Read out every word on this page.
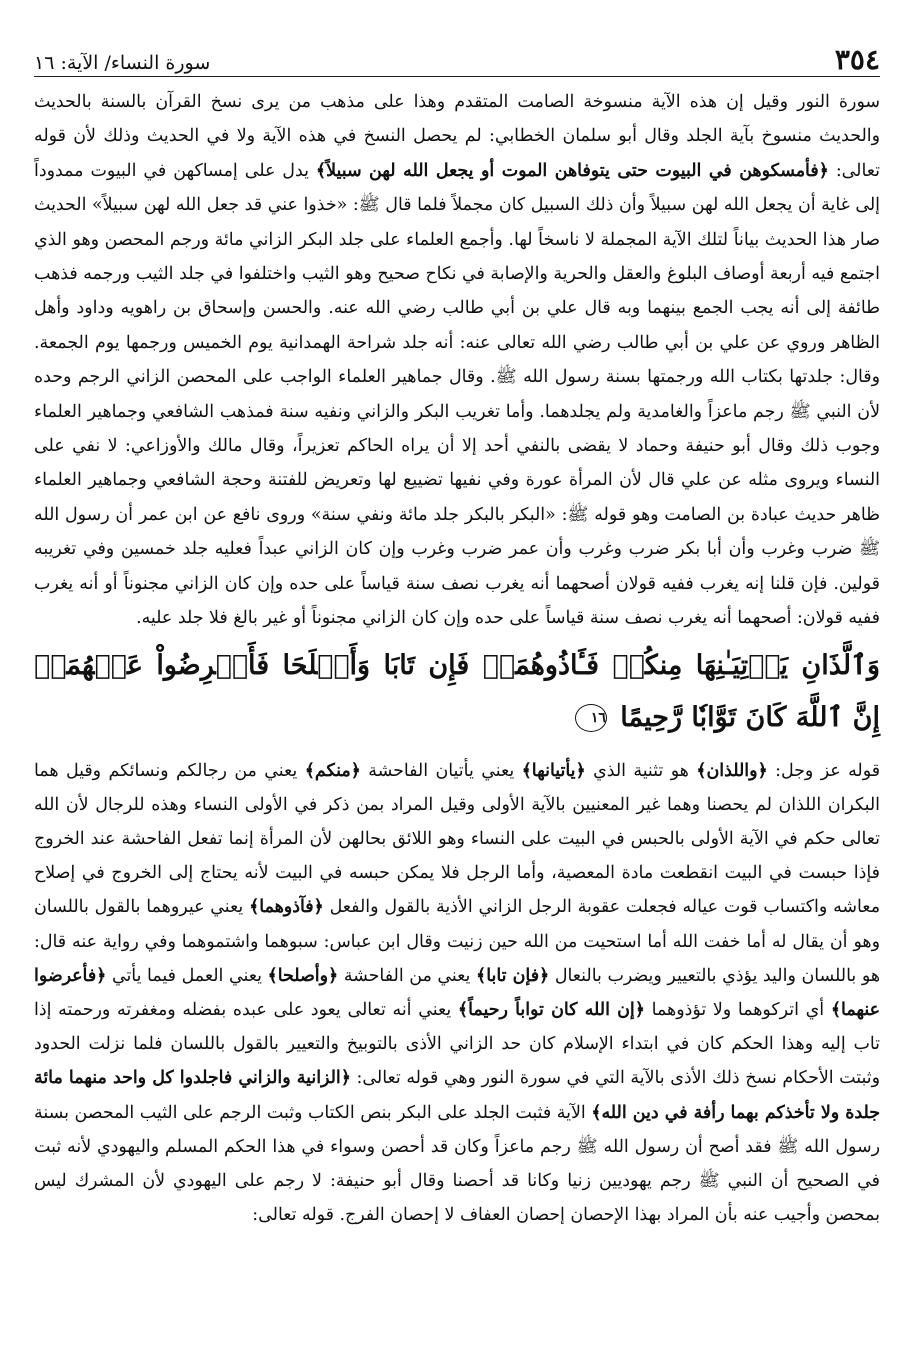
٣٥٤
سورة النساء/ الآية: ١٦

سورة النور وقيل إن هذه الآية منسوخة الصامت المتقدم وهذا على مذهب من يرى نسخ القرآن بالسنة بالحديث والحديث منسوخ بآية الجلد وقال أبو سلمان الخطابي: لم يحصل النسخ في هذه الآية ولا في الحديث وذلك لأن قوله تعالى: ﴿فأمسكوهن في البيوت حتى يتوفاهن الموت أو يجعل الله لهن سبيلاً﴾ يدل على إمساكهن في البيوت ممدوداً إلى غاية أن يجعل الله لهن سبيلاً وأن ذلك السبيل كان مجملاً فلما قال ﷺ: «خذوا عني قد جعل الله لهن سبيلاً» الحديث صار هذا الحديث بياناً لتلك الآية المجملة لا ناسخاً لها. وأجمع العلماء على جلد البكر الزاني مائة ورجم المحصن وهو الذي اجتمع فيه أربعة أوصاف البلوغ والعقل والحرية والإصابة في نكاح صحيح وهو الثيب واختلفوا في جلد الثيب ورجمه فذهب طائفة إلى أنه يجب الجمع بينهما وبه قال علي بن أبي طالب رضي الله عنه. والحسن وإسحاق بن راهويه وداود وأهل الظاهر وروي عن علي بن أبي طالب رضي الله تعالى عنه: أنه جلد شراحة الهمدانية يوم الخميس ورجمها يوم الجمعة. وقال: جلدتها بكتاب الله ورجمتها بسنة رسول الله ﷺ. وقال جماهير العلماء الواجب على المحصن الزاني الرجم وحده لأن النبي ﷺ رجم ماعزاً والغامدية ولم يجلدهما. وأما تغريب البكر والزاني ونفيه سنة فمذهب الشافعي وجماهير العلماء وجوب ذلك وقال أبو حنيفة وحماد لا يقضى بالنفي أحد إلا أن يراه الحاكم تعزيراً، وقال مالك والأوزاعي: لا نفي على النساء ويروى مثله عن علي قال لأن المرأة عورة وفي نفيها تضييع لها وتعريض للفتنة وحجة الشافعي وجماهير العلماء ظاهر حديث عبادة بن الصامت وهو قوله ﷺ: «البكر بالبكر جلد مائة ونفي سنة» وروى نافع عن ابن عمر أن رسول الله ﷺ ضرب وغرب وأن أبا بكر ضرب وغرب وأن عمر ضرب وغرب وإن كان الزاني عبداً فعليه جلد خمسين وفي تغريبه قولين. فإن قلنا إنه يغرب ففيه قولان أصحهما أنه يغرب نصف سنة قياساً على حده وإن كان الزاني مجنوناً أو أنه يغرب ففيه قولان: أصحهما أنه يغرب نصف سنة قياساً على حده وإن كان الزاني مجنوناً أو غير بالغ فلا جلد عليه.

وَٱلَّذَانِ يَأۡتِيَـٰنِهَا مِنكُمۡ فَـَٔاذُوهُمَاۖ فَإِن تَابَا وَأَصۡلَحَا فَأَعۡرِضُواْ عَنۡهُمَآۗ إِنَّ ٱللَّهَ كَانَ تَوَّابٗا رَّحِيمًا ١٦

قوله عز وجل: ﴿واللذان﴾ هو تثنية الذي ﴿يأتيانها﴾ يعني يأتيان الفاحشة ﴿منكم﴾ يعني من رجالكم ونسائكم وقيل هما البكران اللذان لم يحصنا وهما غير المعنيين بالآية الأولى وقيل المراد بمن ذكر في الأولى النساء وهذه للرجال لأن الله تعالى حكم في الآية الأولى بالحبس في البيت على النساء وهو اللائق بحالهن لأن المرأة إنما تفعل الفاحشة عند الخروج فإذا حبست في البيت انقطعت مادة المعصية، وأما الرجل فلا يمكن حبسه في البيت لأنه يحتاج إلى الخروج في إصلاح معاشه واكتساب قوت عياله فجعلت عقوبة الرجل الزاني الأذية بالقول والفعل ﴿فآذوهما﴾ يعني عيروهما بالقول باللسان وهو أن يقال له أما خفت الله أما استحيت من الله حين زنيت وقال ابن عباس: سبوهما واشتموهما وفي رواية عنه قال: هو باللسان واليد يؤذي بالتعيير ويضرب بالنعال ﴿فإن تابا﴾ يعني من الفاحشة ﴿وأصلحا﴾ يعني العمل فيما يأتي ﴿فأعرضوا عنهما﴾ أي اتركوهما ولا تؤذوهما ﴿إن الله كان تواباً رحيماً﴾ يعني أنه تعالى يعود على عبده بفضله ومغفرته ورحمته إذا تاب إليه وهذا الحكم كان في ابتداء الإسلام كان حد الزاني الأذى بالتوبيخ والتعيير بالقول باللسان فلما نزلت الحدود وثبتت الأحكام نسخ ذلك الأذى بالآية التي في سورة النور وهي قوله تعالى: ﴿الزانية والزاني فاجلدوا كل واحد منهما مائة جلدة ولا تأخذكم بهما رأفة في دين الله﴾ الآية فثبت الجلد على البكر بنص الكتاب وثبت الرجم على الثيب المحصن بسنة رسول الله ﷺ فقد أصح أن رسول الله ﷺ رجم ماعزاً وكان قد أحصن وسواء في هذا الحكم المسلم واليهودي لأنه ثبت في الصحيح أن النبي ﷺ رجم يهوديين زنيا وكانا قد أحصنا وقال أبو حنيفة: لا رجم على اليهودي لأن المشرك ليس بمحصن وأجيب عنه بأن المراد بهذا الإحصان إحصان العفاف لا إحصان الفرج. قوله تعالى:
